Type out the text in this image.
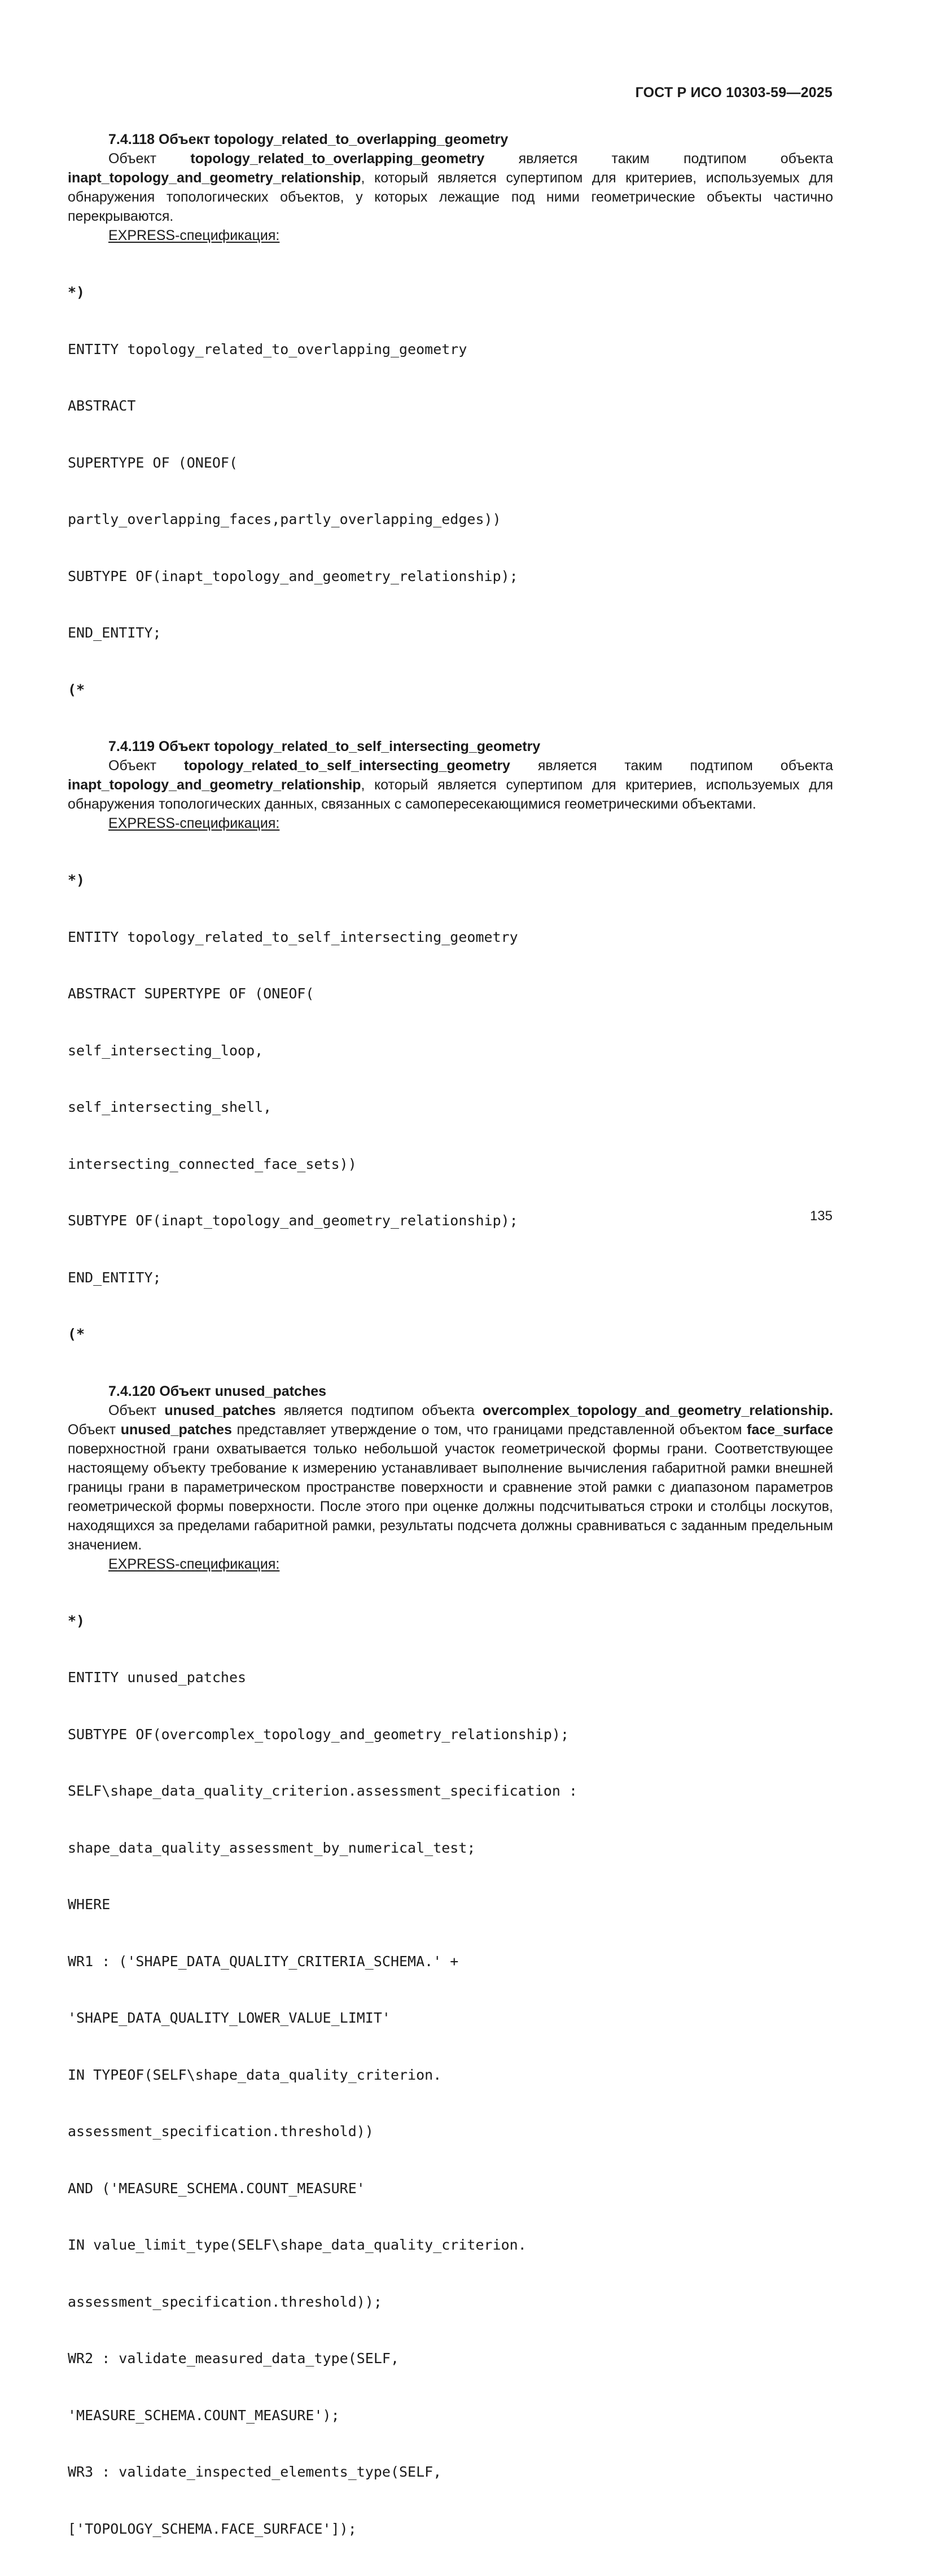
ГОСТ Р ИСО 10303-59—2025
7.4.118 Объект topology_related_to_overlapping_geometry

Объект topology_related_to_overlapping_geometry является таким подтипом объекта inapt_topology_and_geometry_relationship, который является супертипом для критериев, используемых для обнаружения топологических объектов, у которых лежащие под ними геометрические объекты частично перекрываются.

EXPRESS-спецификация:

*)

ENTITY topology_related_to_overlapping_geometry

ABSTRACT

SUPERTYPE OF (ONEOF(

partly_overlapping_faces,partly_overlapping_edges))

SUBTYPE OF(inapt_topology_and_geometry_relationship);

END_ENTITY;

(*

7.4.119 Объект topology_related_to_self_intersecting_geometry

Объект topology_related_to_self_intersecting_geometry является таким подтипом объекта inapt_topology_and_geometry_relationship, который является супертипом для критериев, используемых для обнаружения топологических данных, связанных с самопересекающимися геометрическими объектами.

EXPRESS-спецификация:

*)

ENTITY topology_related_to_self_intersecting_geometry

ABSTRACT SUPERTYPE OF (ONEOF(

self_intersecting_loop,

self_intersecting_shell,

intersecting_connected_face_sets))

SUBTYPE OF(inapt_topology_and_geometry_relationship);

END_ENTITY;

(*

7.4.120 Объект unused_patches

Объект unused_patches является подтипом объекта overcomplex_topology_and_geometry_relationship. Объект unused_patches представляет утверждение о том, что границами представленной объектом face_surface поверхностной грани охватывается только небольшой участок геометрической формы грани. Соответствующее настоящему объекту требование к измерению устанавливает выполнение вычисления габаритной рамки внешней границы грани в параметрическом пространстве поверхности и сравнение этой рамки с диапазоном параметров геометрической формы поверхности. После этого при оценке должны подсчитываться строки и столбцы лоскутов, находящихся за пределами габаритной рамки, результаты подсчета должны сравниваться с заданным предельным значением.

EXPRESS-спецификация:

*)

ENTITY unused_patches

SUBTYPE OF(overcomplex_topology_and_geometry_relationship);

SELF\shape_data_quality_criterion.assessment_specification :

shape_data_quality_assessment_by_numerical_test;

WHERE

WR1 : ('SHAPE_DATA_QUALITY_CRITERIA_SCHEMA.' +

'SHAPE_DATA_QUALITY_LOWER_VALUE_LIMIT'

IN TYPEOF(SELF\shape_data_quality_criterion.

assessment_specification.threshold))

AND ('MEASURE_SCHEMA.COUNT_MEASURE'

IN value_limit_type(SELF\shape_data_quality_criterion.

assessment_specification.threshold));

WR2 : validate_measured_data_type(SELF,

'MEASURE_SCHEMA.COUNT_MEASURE');

WR3 : validate_inspected_elements_type(SELF,

['TOPOLOGY_SCHEMA.FACE_SURFACE']);

135
